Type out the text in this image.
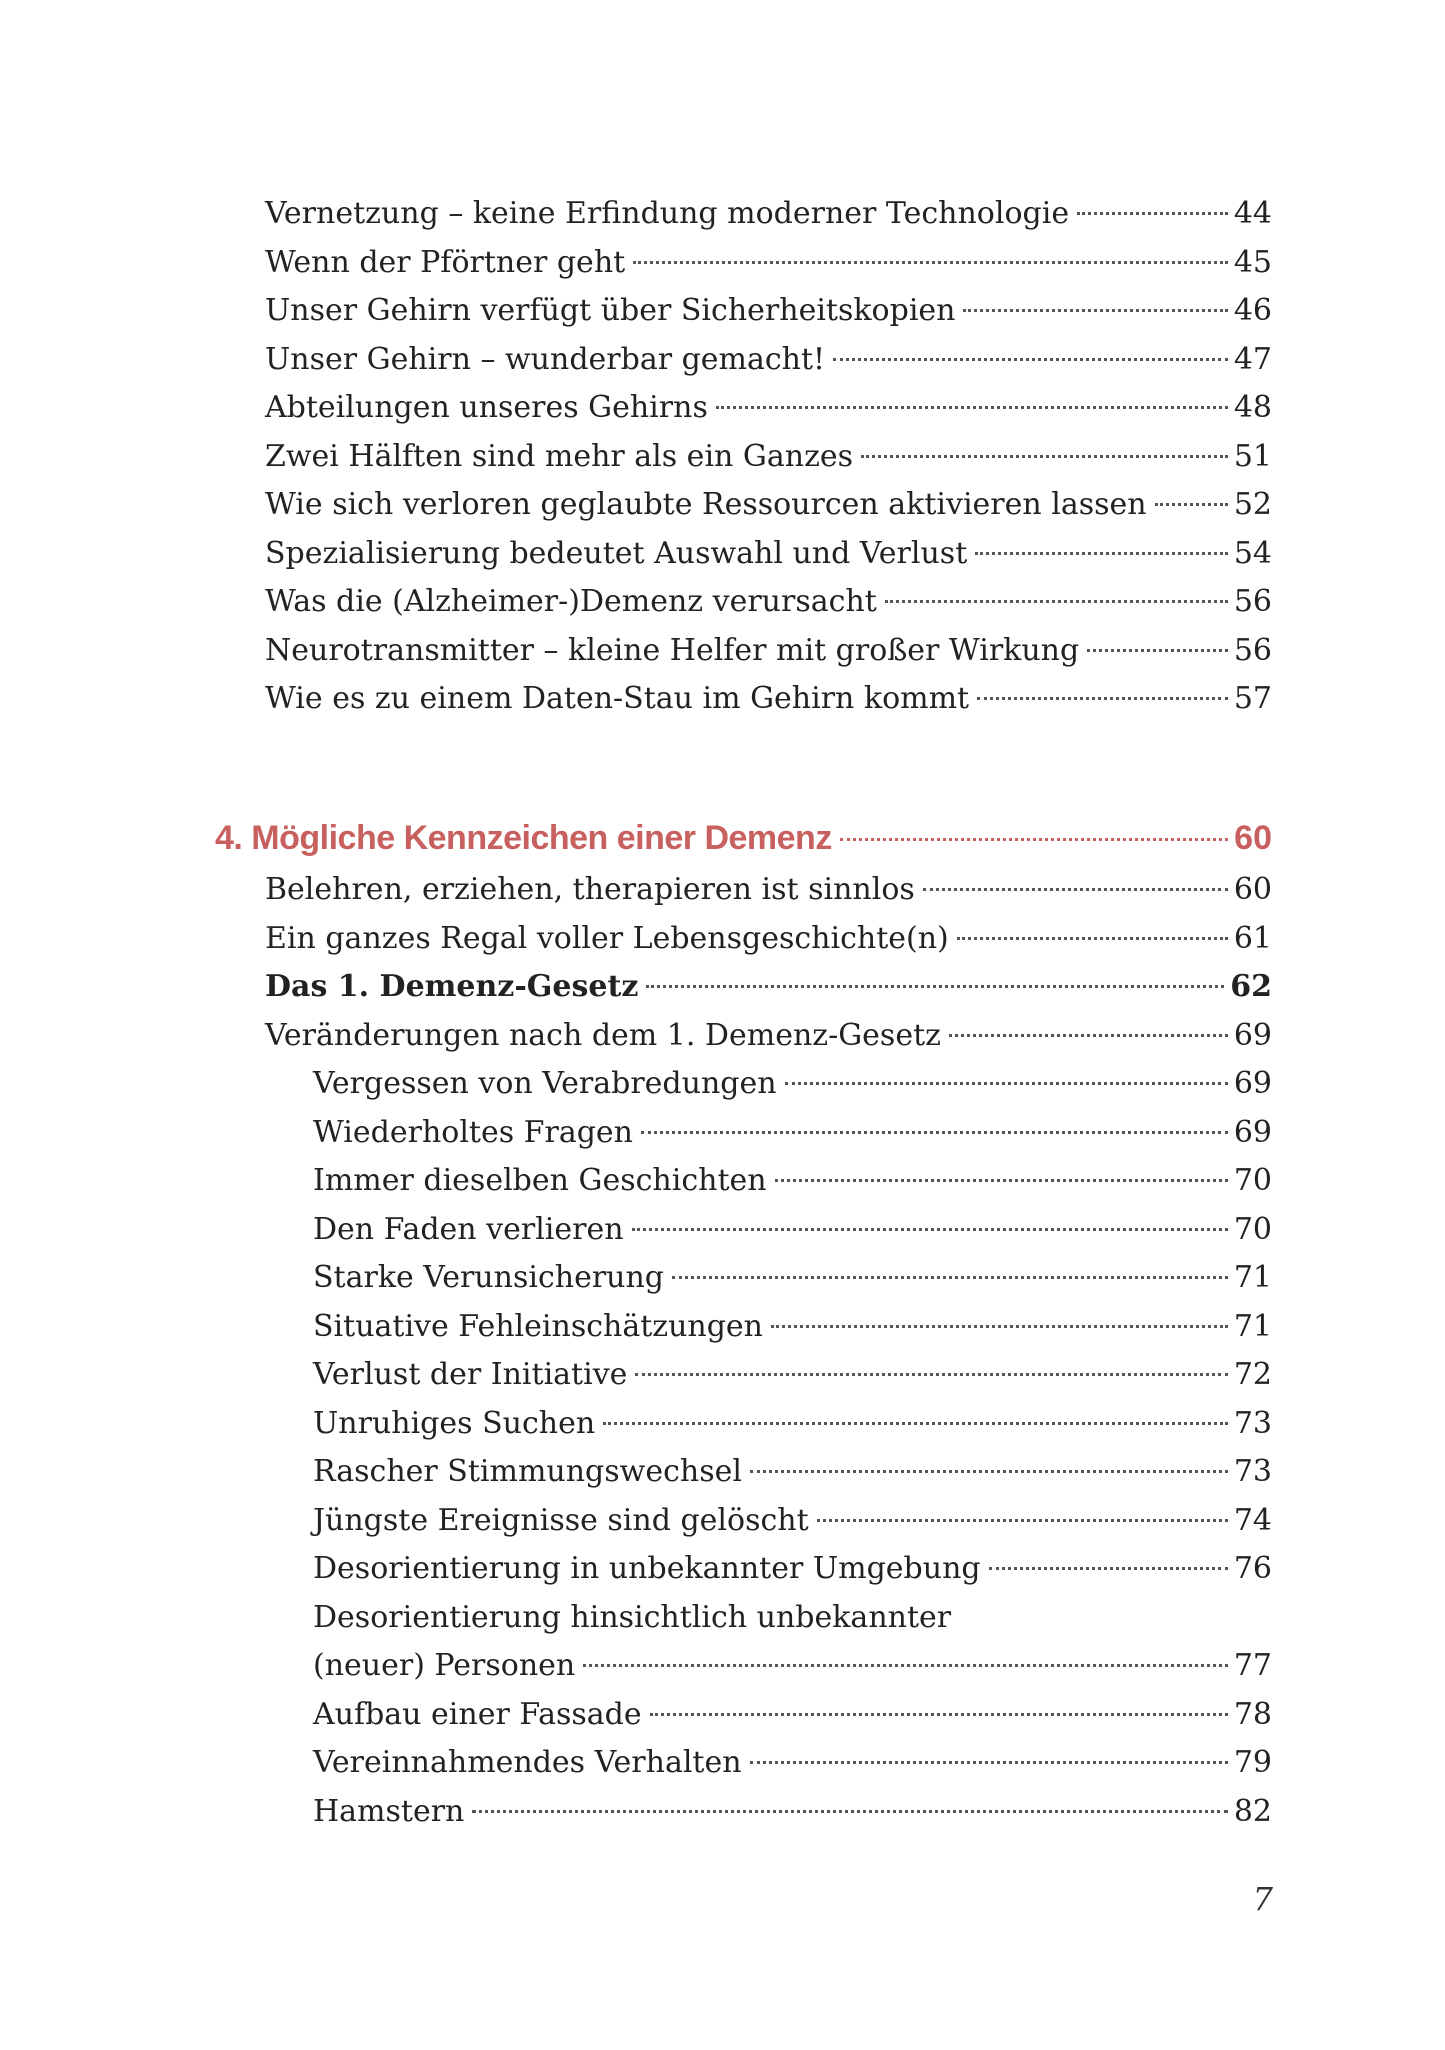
Vernetzung – keine Erfindung moderner Technologie	44
Wenn der Pförtner geht	45
Unser Gehirn verfügt über Sicherheitskopien	46
Unser Gehirn – wunderbar gemacht!	47
Abteilungen unseres Gehirns	48
Zwei Hälften sind mehr als ein Ganzes	51
Wie sich verloren geglaubte Ressourcen aktivieren lassen	52
Spezialisierung bedeutet Auswahl und Verlust	54
Was die (Alzheimer-)Demenz verursacht	56
Neurotransmitter – kleine Helfer mit großer Wirkung	56
Wie es zu einem Daten-Stau im Gehirn kommt	57
4. Mögliche Kennzeichen einer Demenz	60
Belehren, erziehen, therapieren ist sinnlos	60
Ein ganzes Regal voller Lebensgeschichte(n)	61
Das 1. Demenz-Gesetz	62
Veränderungen nach dem 1. Demenz-Gesetz	69
Vergessen von Verabredungen	69
Wiederholtes Fragen	69
Immer dieselben Geschichten	70
Den Faden verlieren	70
Starke Verunsicherung	71
Situative Fehleinschätzungen	71
Verlust der Initiative	72
Unruhiges Suchen	73
Rascher Stimmungswechsel	73
Jüngste Ereignisse sind gelöscht	74
Desorientierung in unbekannter Umgebung	76
Desorientierung hinsichtlich unbekannter
(neuer) Personen	77
Aufbau einer Fassade	78
Vereinnahmendes Verhalten	79
Hamstern	82
7
